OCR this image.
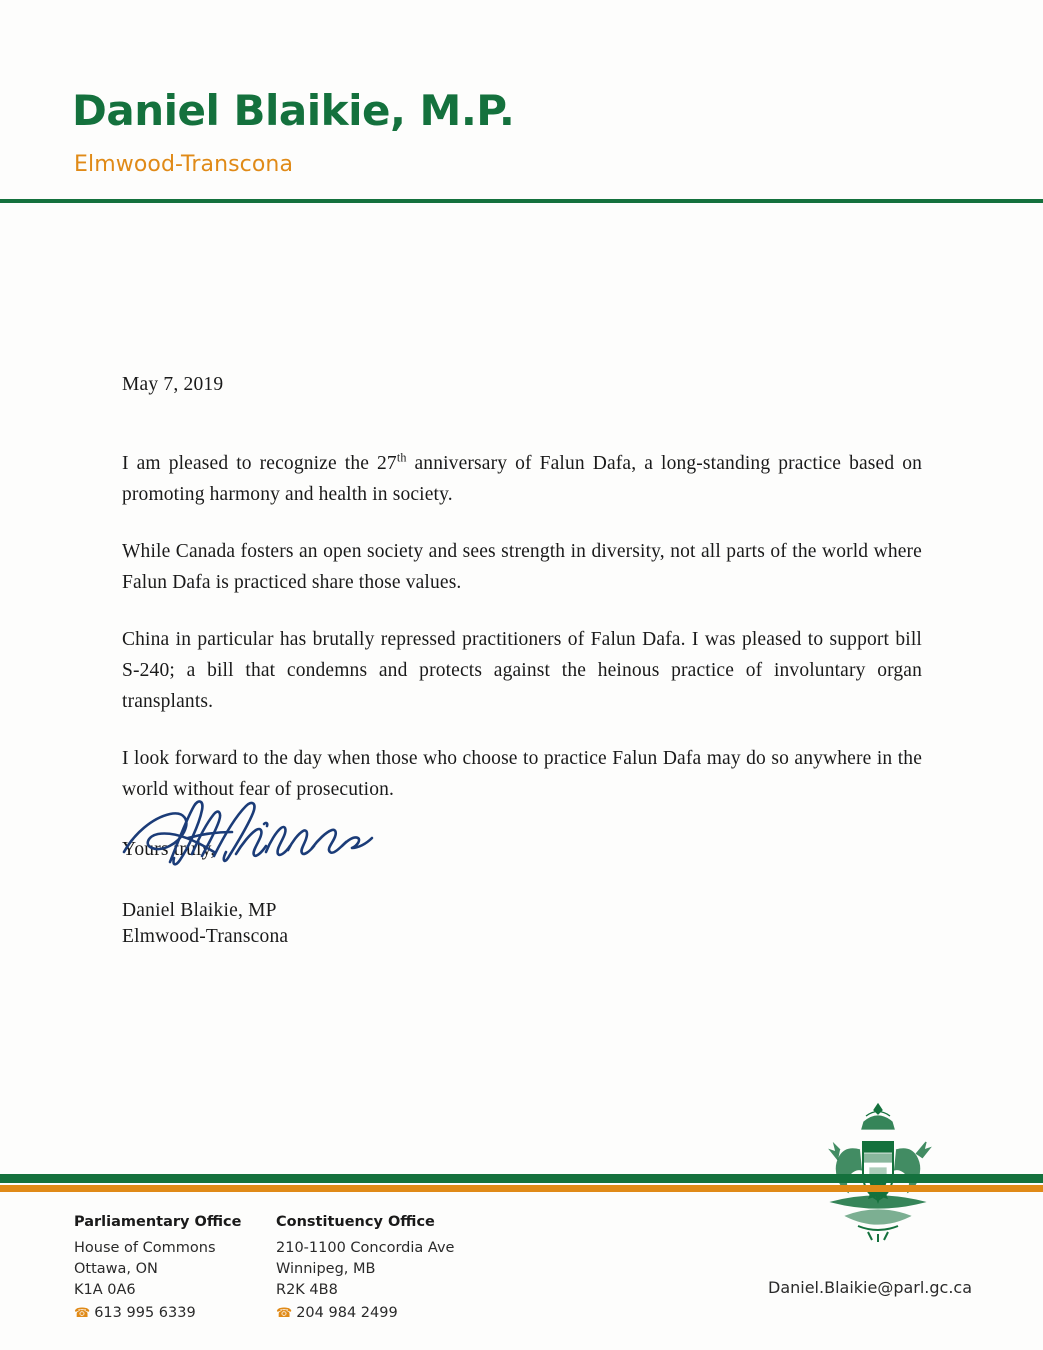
Daniel Blaikie, M.P.
Elmwood-Transcona

May 7, 2019

I am pleased to recognize the 27th anniversary of Falun Dafa, a long-standing practice based on promoting harmony and health in society.

While Canada fosters an open society and sees strength in diversity, not all parts of the world where Falun Dafa is practiced share those values.

China in particular has brutally repressed practitioners of Falun Dafa. I was pleased to support bill S-240; a bill that condemns and protects against the heinous practice of involuntary organ transplants.

I look forward to the day when those who choose to practice Falun Dafa may do so anywhere in the world without fear of prosecution.

Yours truly,

Daniel Blaikie, MP
Elmwood-Transcona
Parliamentary Office
House of Commons
Ottawa, ON
K1A 0A6
☎ 613 995 6339
Constituency Office
210-1100 Concordia Ave
Winnipeg, MB
R2K 4B8
☎ 204 984 2499
Daniel.Blaikie@parl.gc.ca
